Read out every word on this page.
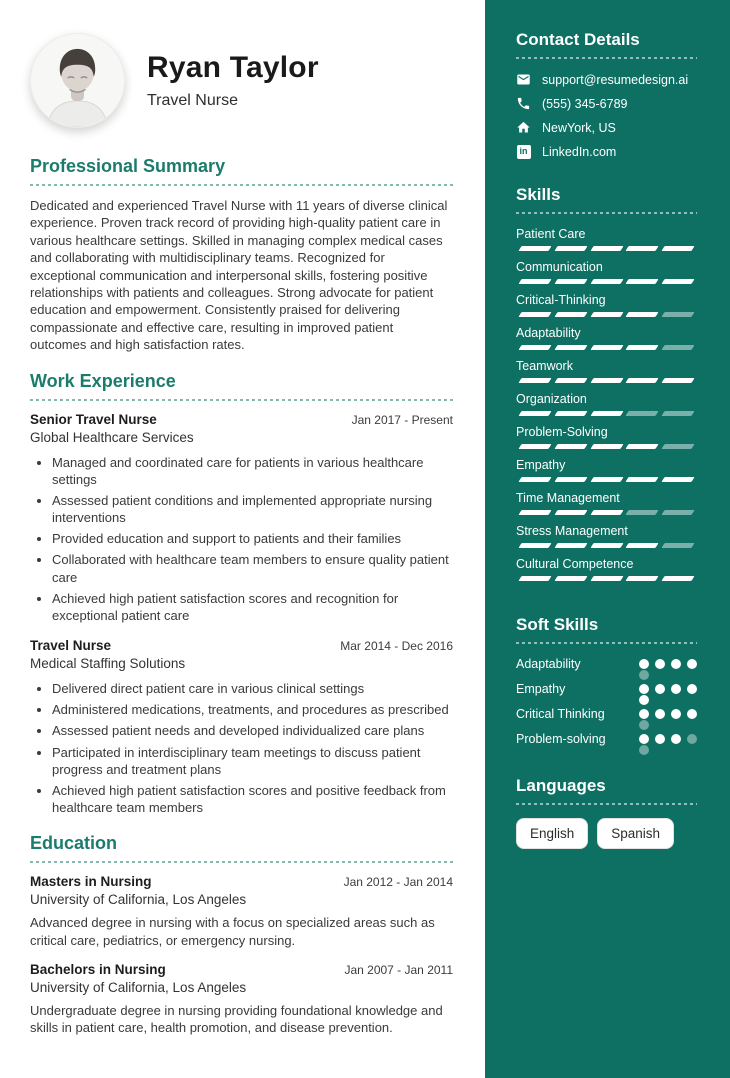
Ryan Taylor
Travel Nurse
Professional Summary

Dedicated and experienced Travel Nurse with 11 years of diverse clinical experience. Proven track record of providing high-quality patient care in various healthcare settings. Skilled in managing complex medical cases and collaborating with multidisciplinary teams. Recognized for exceptional communication and interpersonal skills, fostering positive relationships with patients and colleagues. Strong advocate for patient education and empowerment. Consistently praised for delivering compassionate and effective care, resulting in improved patient outcomes and high satisfaction rates.

Work Experience
Senior Travel Nurse	Jan 2017 - Present
Global Healthcare Services
• Managed and coordinated care for patients in various healthcare settings
• Assessed patient conditions and implemented appropriate nursing interventions
• Provided education and support to patients and their families
• Collaborated with healthcare team members to ensure quality patient care
• Achieved high patient satisfaction scores and recognition for exceptional patient care
Travel Nurse	Mar 2014 - Dec 2016
Medical Staffing Solutions
• Delivered direct patient care in various clinical settings
• Administered medications, treatments, and procedures as prescribed
• Assessed patient needs and developed individualized care plans
• Participated in interdisciplinary team meetings to discuss patient progress and treatment plans
• Achieved high patient satisfaction scores and positive feedback from healthcare team members
Education
Masters in Nursing	Jan 2012 - Jan 2014
University of California, Los Angeles
Advanced degree in nursing with a focus on specialized areas such as critical care, pediatrics, or emergency nursing.
Bachelors in Nursing	Jan 2007 - Jan 2011
University of California, Los Angeles
Undergraduate degree in nursing providing foundational knowledge and skills in patient care, health promotion, and disease prevention.
Contact Details
support@resumedesign.ai
(555) 345-6789
NewYork, US
in LinkedIn.com
Skills
Patient Care
Communication
Critical-Thinking
Adaptability
Teamwork
Organization
Problem-Solving
Empathy
Time Management
Stress Management
Cultural Competence
Soft Skills
Adaptability
Empathy
Critical Thinking
Problem-solving
Languages
English	Spanish
